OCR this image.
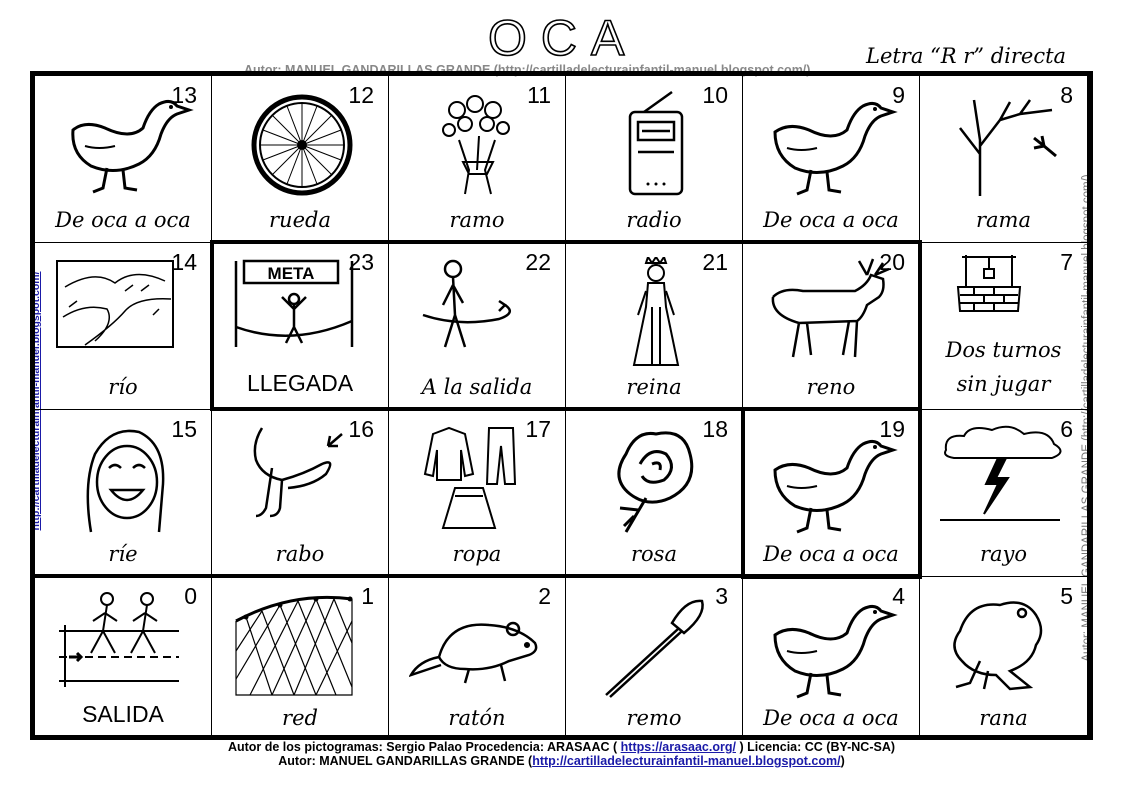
OCA	Letra “R r” directa
Autor: MANUEL GANDARILLAS GRANDE (http://cartilladelecturainfantil-manuel.blogspot.com/)
http://cartilladelecturainfantil-manuel.blogspot.com/	Autor: MANUEL GANDARILLAS GRANDE (http://cartilladelecturainfantil-manuel.blogspot.com/)
13
De oca a oca
12
rueda
11
ramo
10
radio
9
De oca a oca
8
rama
14
río
META 23
LLEGADA
22
A la salida
21
reina
20
reno
7
Dos turnos
sin jugar
15
ríe
16
rabo
17
ropa
18
rosa
19
De oca a oca
6
rayo
0
SALIDA
1
red
2
ratón
3
remo
4
De oca a oca
5
rana
Autor de los pictogramas: Sergio Palao Procedencia: ARASAAC ( https://arasaac.org/ ) Licencia: CC (BY-NC-SA)
Autor: MANUEL GANDARILLAS GRANDE (http://cartilladelecturainfantil-manuel.blogspot.com/)
